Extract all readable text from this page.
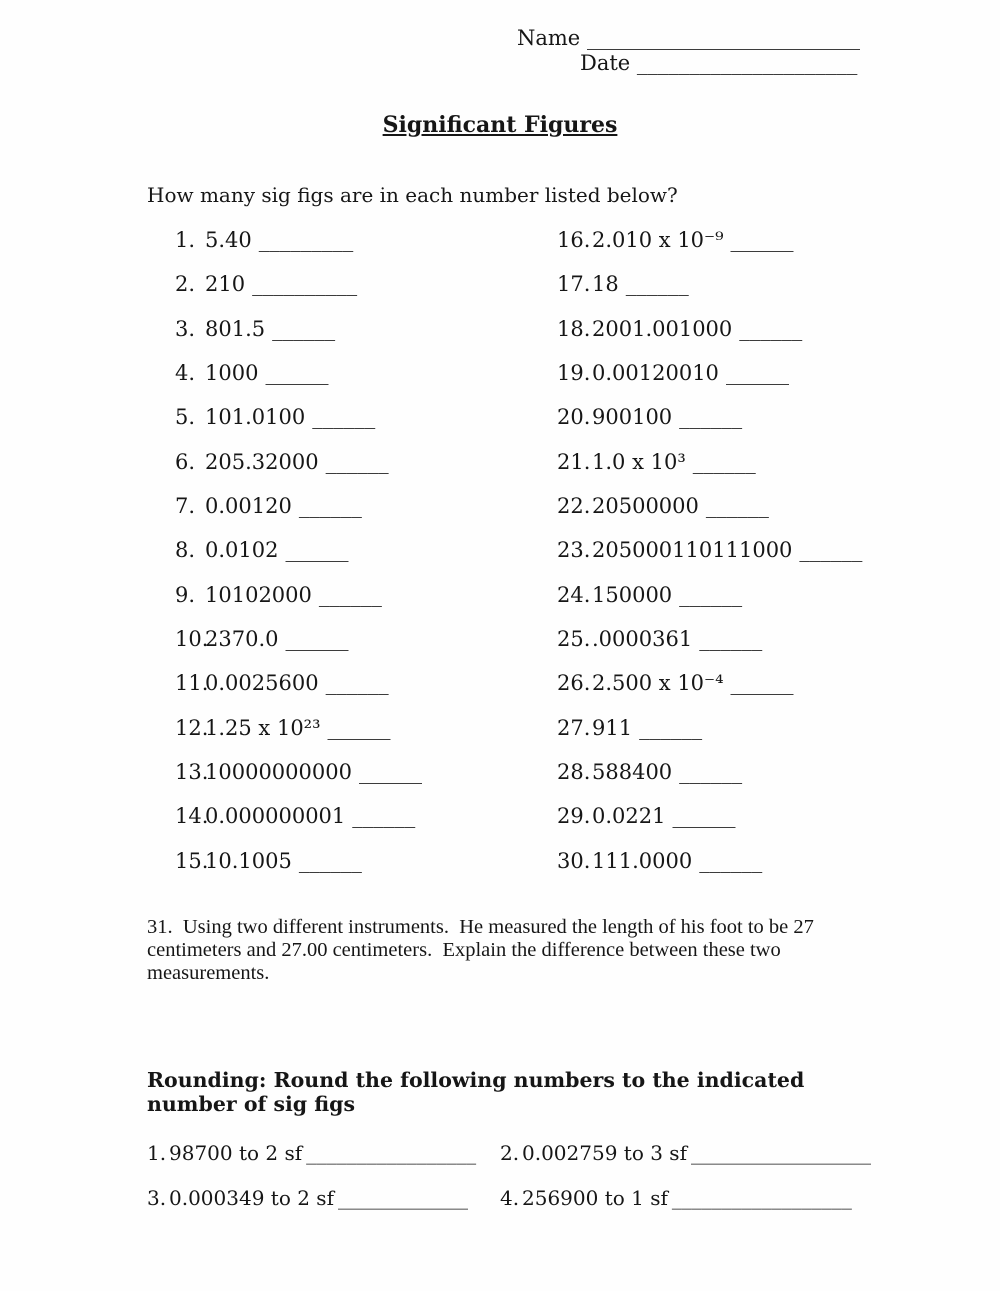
Name __________________________
Date _____________________
Significant Figures
How many sig figs are in each number listed below?
1. 5.40 _________
2. 210 __________
3. 801.5 ______
4. 1000 ______
5. 101.0100 ______
6. 205.32000 ______
7. 0.00120 ______
8. 0.0102 ______
9. 10102000 ______
10.
2370.0 ______
11.
0.0025600 ______
12.
1.25 x 10²³ ______
13.
10000000000 ______
14.
0.000000001 ______
15.
10.1005 ______
16. 2.010 x 10⁻⁹ ______
17. 18 ______
18. 2001.001000 ______
19. 0.00120010 ______
20. 900100 ______
21. 1.0 x 10³ ______
22. 20500000 ______
23. 205000110111000 ______
24. 150000 ______
25. .0000361 ______
26. 2.500 x 10⁻⁴ ______
27. 911 ______
28. 588400 ______
29. 0.0221 ______
30. 111.0000 ______
31.  Using two different instruments.  He measured the length of his foot to be 27 centimeters and 27.00 centimeters.  Explain the difference between these two measurements.
Rounding: Round the following numbers to the indicated number of sig figs
1. 98700 to 2 sf _________________ 2. 0.002759 to 3 sf __________________
3. 0.000349 to 2 sf _____________ 4. 256900 to 1 sf __________________
